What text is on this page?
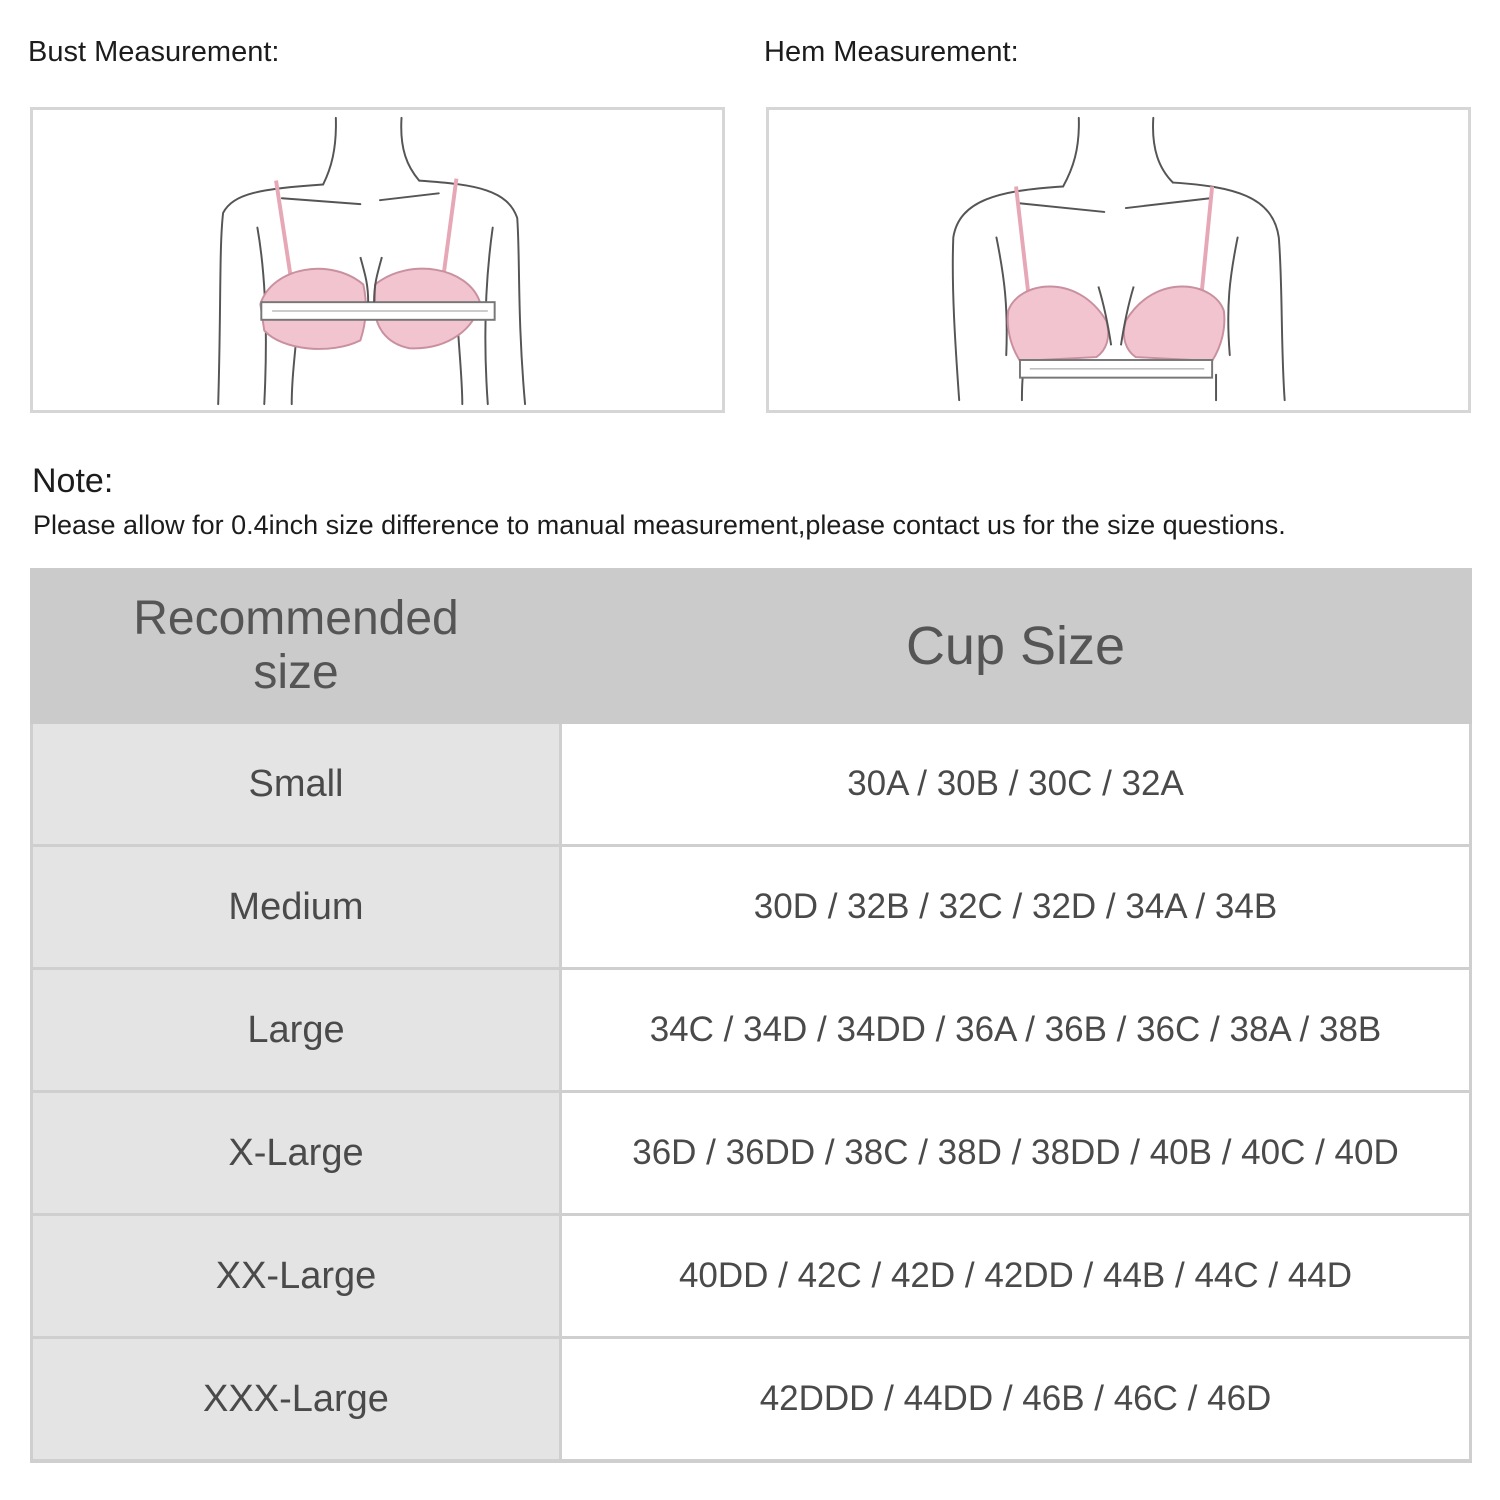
Bust Measurement:	Hem Measurement:
Note:
Please allow for 0.4inch size difference to manual measurement,please contact us for the size questions.
Recommended
size	Cup Size
Small	30A / 30B / 30C / 32A
Medium	30D / 32B / 32C / 32D / 34A / 34B
Large	34C / 34D / 34DD / 36A / 36B / 36C / 38A / 38B
X-Large	36D / 36DD / 38C / 38D / 38DD / 40B / 40C / 40D
XX-Large	40DD / 42C / 42D / 42DD / 44B / 44C / 44D
XXX-Large	42DDD / 44DD / 46B / 46C / 46D
